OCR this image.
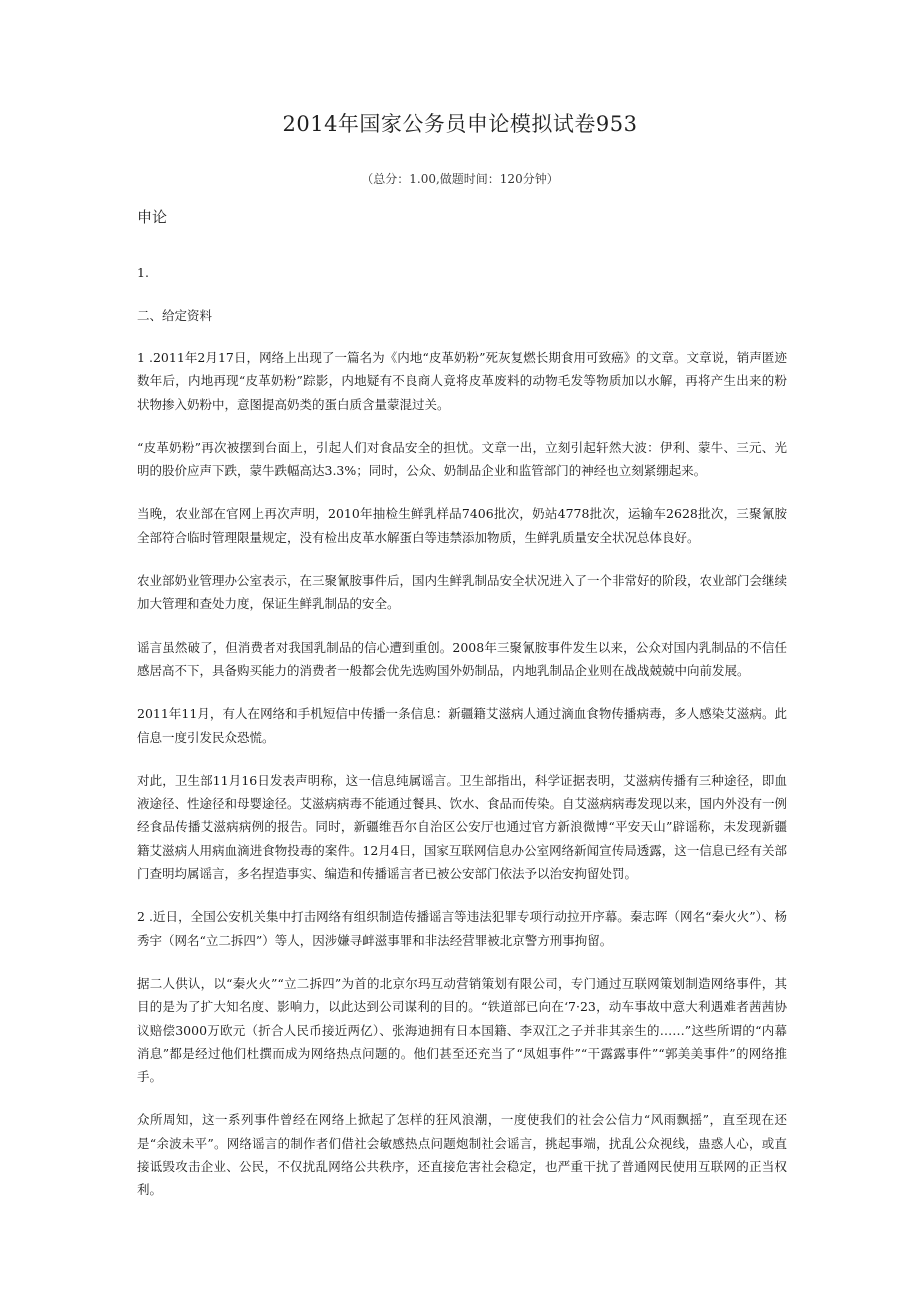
2014年国家公务员申论模拟试卷953
（总分：1.00,做题时间：120分钟）
申论
1.
二、给定资料

1 .2011年2月17日，网络上出现了一篇名为《内地“皮革奶粉”死灰复燃长期食用可致癌》的文章。文章说，销声匿迹数年后，内地再现“皮革奶粉”踪影，内地疑有不良商人竟将皮革废料的动物毛发等物质加以水解，再将产生出来的粉状物掺入奶粉中，意图提高奶类的蛋白质含量蒙混过关。

“皮革奶粉”再次被摆到台面上，引起人们对食品安全的担忧。文章一出，立刻引起轩然大波：伊利、蒙牛、三元、光明的股价应声下跌，蒙牛跌幅高达3.3%；同时，公众、奶制品企业和监管部门的神经也立刻紧绷起来。

当晚，农业部在官网上再次声明，2010年抽检生鲜乳样品7406批次，奶站4778批次，运输车2628批次，三聚氰胺全部符合临时管理限量规定，没有检出皮革水解蛋白等违禁添加物质，生鲜乳质量安全状况总体良好。

农业部奶业管理办公室表示，在三聚氰胺事件后，国内生鲜乳制品安全状况进入了一个非常好的阶段，农业部门会继续加大管理和查处力度，保证生鲜乳制品的安全。

谣言虽然破了，但消费者对我国乳制品的信心遭到重创。2008年三聚氰胺事件发生以来，公众对国内乳制品的不信任感居高不下，具备购买能力的消费者一般都会优先选购国外奶制品，内地乳制品企业则在战战兢兢中向前发展。

2011年11月，有人在网络和手机短信中传播一条信息：新疆籍艾滋病人通过滴血食物传播病毒，多人感染艾滋病。此信息一度引发民众恐慌。

对此，卫生部11月16日发表声明称，这一信息纯属谣言。卫生部指出，科学证据表明，艾滋病传播有三种途径，即血液途径、性途径和母婴途径。艾滋病病毒不能通过餐具、饮水、食品而传染。自艾滋病病毒发现以来，国内外没有一例经食品传播艾滋病病例的报告。同时，新疆维吾尔自治区公安厅也通过官方新浪微博“平安天山”辟谣称，未发现新疆籍艾滋病人用病血滴进食物投毒的案件。12月4日，国家互联网信息办公室网络新闻宣传局透露，这一信息已经有关部门查明均属谣言，多名捏造事实、编造和传播谣言者已被公安部门依法予以治安拘留处罚。

2 .近日，全国公安机关集中打击网络有组织制造传播谣言等违法犯罪专项行动拉开序幕。秦志晖（网名“秦火火”）、杨秀宇（网名“立二拆四”）等人，因涉嫌寻衅滋事罪和非法经营罪被北京警方刑事拘留。

据二人供认，以“秦火火”“立二拆四”为首的北京尔玛互动营销策划有限公司，专门通过互联网策划制造网络事件，其目的是为了扩大知名度、影响力，以此达到公司谋利的目的。“铁道部已向在‘7·23，动车事故中意大利遇难者茜茜协议赔偿3000万欧元（折合人民币接近两亿）、张海迪拥有日本国籍、李双江之子并非其亲生的……”这些所谓的“内幕消息”都是经过他们杜撰而成为网络热点问题的。他们甚至还充当了“凤姐事件”“干露露事件”“郭美美事件”的网络推手。

众所周知，这一系列事件曾经在网络上掀起了怎样的狂风浪潮，一度使我们的社会公信力“风雨飘摇”，直至现在还是“余波未平”。网络谣言的制作者们借社会敏感热点问题炮制社会谣言，挑起事端，扰乱公众视线，蛊惑人心，或直接诋毁攻击企业、公民，不仅扰乱网络公共秩序，还直接危害社会稳定，也严重干扰了普通网民使用互联网的正当权利。
